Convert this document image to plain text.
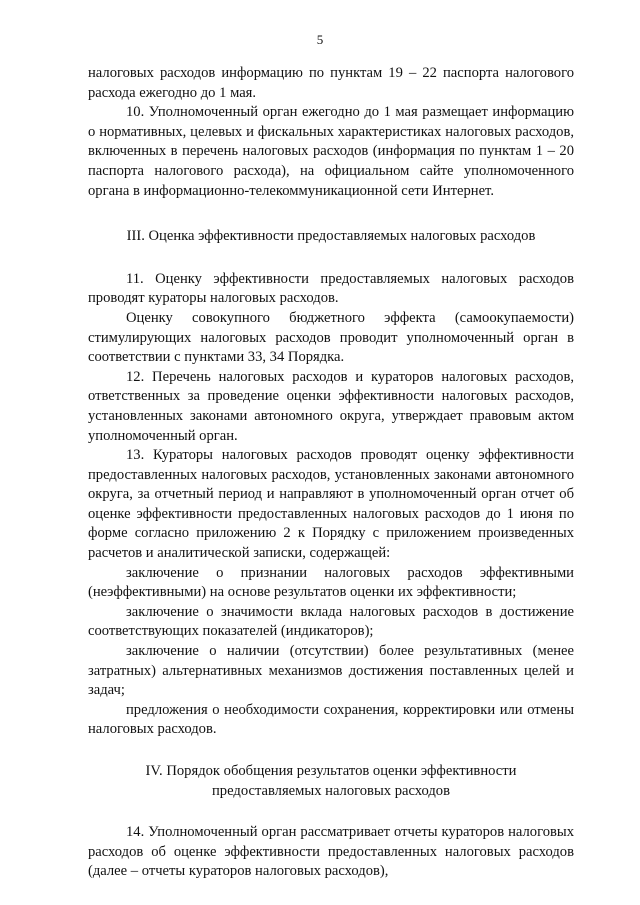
5

налоговых расходов информацию по пунктам 19 – 22 паспорта налогового расхода ежегодно до 1 мая.

10. Уполномоченный орган ежегодно до 1 мая размещает информацию о нормативных, целевых и фискальных характеристиках налоговых расходов, включенных в перечень налоговых расходов (информация по пунктам 1 – 20 паспорта налогового расхода), на официальном сайте уполномоченного органа в информационно-телекоммуникационной сети Интернет.

III. Оценка эффективности предоставляемых налоговых расходов

11. Оценку эффективности предоставляемых налоговых расходов проводят кураторы налоговых расходов.

Оценку совокупного бюджетного эффекта (самоокупаемости) стимулирующих налоговых расходов проводит уполномоченный орган в соответствии с пунктами 33, 34 Порядка.

12. Перечень налоговых расходов и кураторов налоговых расходов, ответственных за проведение оценки эффективности налоговых расходов, установленных законами автономного округа, утверждает правовым актом уполномоченный орган.

13. Кураторы налоговых расходов проводят оценку эффективности предоставленных налоговых расходов, установленных законами автономного округа, за отчетный период и направляют в уполномоченный орган отчет об оценке эффективности предоставленных налоговых расходов до 1 июня по форме согласно приложению 2 к Порядку с приложением произведенных расчетов и аналитической записки, содержащей:

заключение о признании налоговых расходов эффективными (неэффективными) на основе результатов оценки их эффективности;

заключение о значимости вклада налоговых расходов в достижение соответствующих показателей (индикаторов);

заключение о наличии (отсутствии) более результативных (менее затратных) альтернативных механизмов достижения поставленных целей и задач;

предложения о необходимости сохранения, корректировки или отмены налоговых расходов.

IV. Порядок обобщения результатов оценки эффективности
предоставляемых налоговых расходов

14. Уполномоченный орган рассматривает отчеты кураторов налоговых расходов об оценке эффективности предоставленных налоговых расходов (далее – отчеты кураторов налоговых расходов),
